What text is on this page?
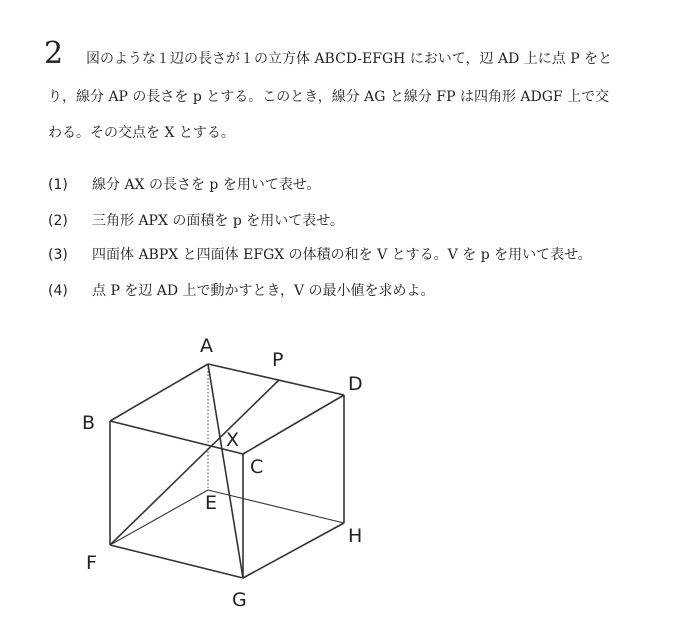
2 図のような１辺の長さが１の立方体 ABCD-EFGH において，辺 AD 上に点 P をと
り，線分 AP の長さを p とする。このとき，線分 AG と線分 FP は四角形 ADGF 上で交
わる。その交点を X とする。
(1) 線分 AX の長さを p を用いて表せ。
(2) 三角形 APX の面積を p を用いて表せ。
(3) 四面体 ABPX と四面体 EFGX の体積の和を V とする。V を p を用いて表せ。
(4) 点 P を辺 AD 上で動かすとき，V の最小値を求めよ。
A
P
D
B
X
C
E
H
F
G
